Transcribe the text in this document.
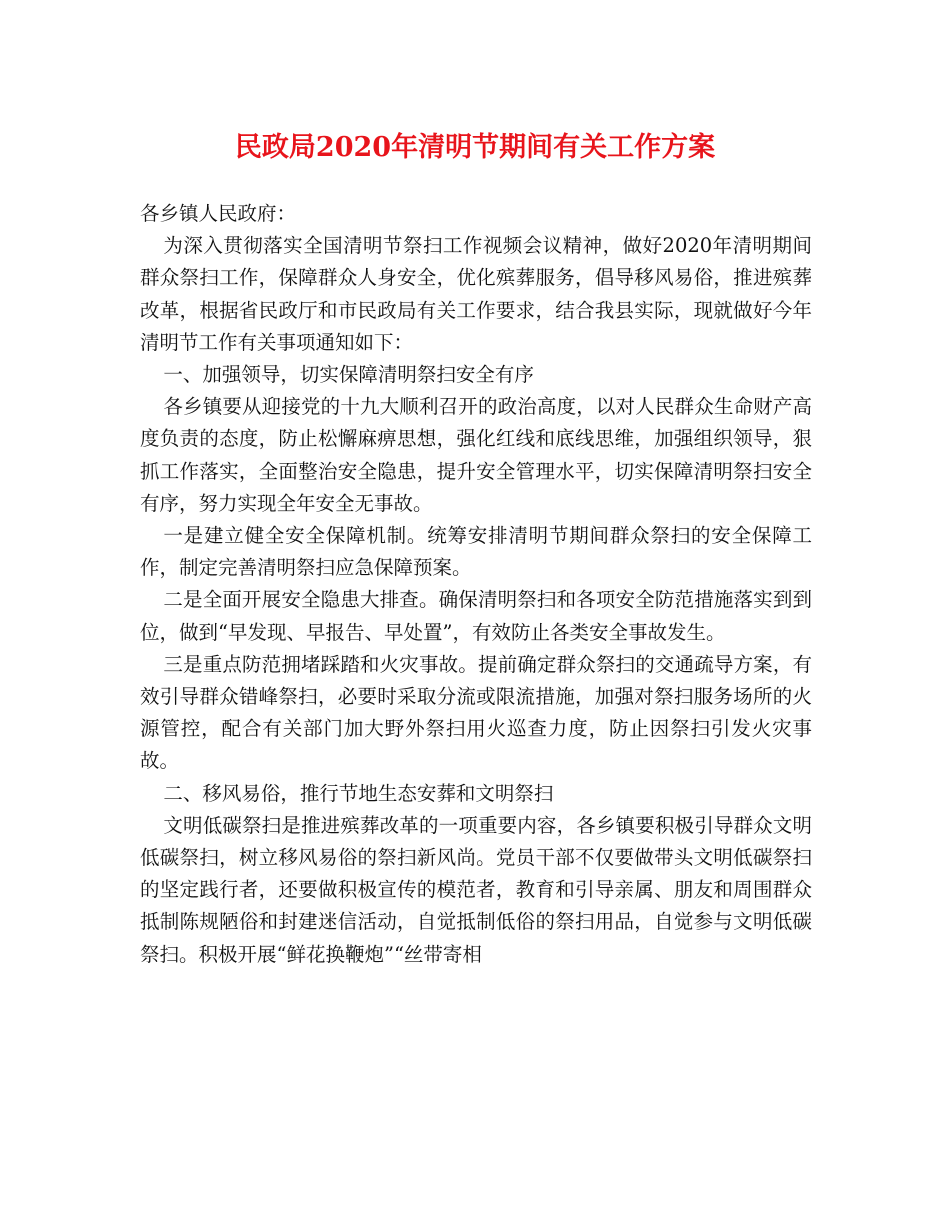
民政局2020年清明节期间有关工作方案

各乡镇人民政府：

为深入贯彻落实全国清明节祭扫工作视频会议精神，做好2020年清明期间群众祭扫工作，保障群众人身安全，优化殡葬服务，倡导移风易俗，推进殡葬改革，根据省民政厅和市民政局有关工作要求，结合我县实际，现就做好今年清明节工作有关事项通知如下：

一、加强领导，切实保障清明祭扫安全有序

各乡镇要从迎接党的十九大顺利召开的政治高度，以对人民群众生命财产高度负责的态度，防止松懈麻痹思想，强化红线和底线思维，加强组织领导，狠抓工作落实，全面整治安全隐患，提升安全管理水平，切实保障清明祭扫安全有序，努力实现全年安全无事故。

一是建立健全安全保障机制。统筹安排清明节期间群众祭扫的安全保障工作，制定完善清明祭扫应急保障预案。

二是全面开展安全隐患大排查。确保清明祭扫和各项安全防范措施落实到到位，做到“早发现、早报告、早处置”，有效防止各类安全事故发生。

三是重点防范拥堵踩踏和火灾事故。提前确定群众祭扫的交通疏导方案，有效引导群众错峰祭扫，必要时采取分流或限流措施，加强对祭扫服务场所的火源管控，配合有关部门加大野外祭扫用火巡查力度，防止因祭扫引发火灾事故。

二、移风易俗，推行节地生态安葬和文明祭扫

文明低碳祭扫是推进殡葬改革的一项重要内容，各乡镇要积极引导群众文明低碳祭扫，树立移风易俗的祭扫新风尚。党员干部不仅要做带头文明低碳祭扫的坚定践行者，还要做积极宣传的模范者，教育和引导亲属、朋友和周围群众抵制陈规陋俗和封建迷信活动，自觉抵制低俗的祭扫用品，自觉参与文明低碳祭扫。积极开展“鲜花换鞭炮”“丝带寄相
